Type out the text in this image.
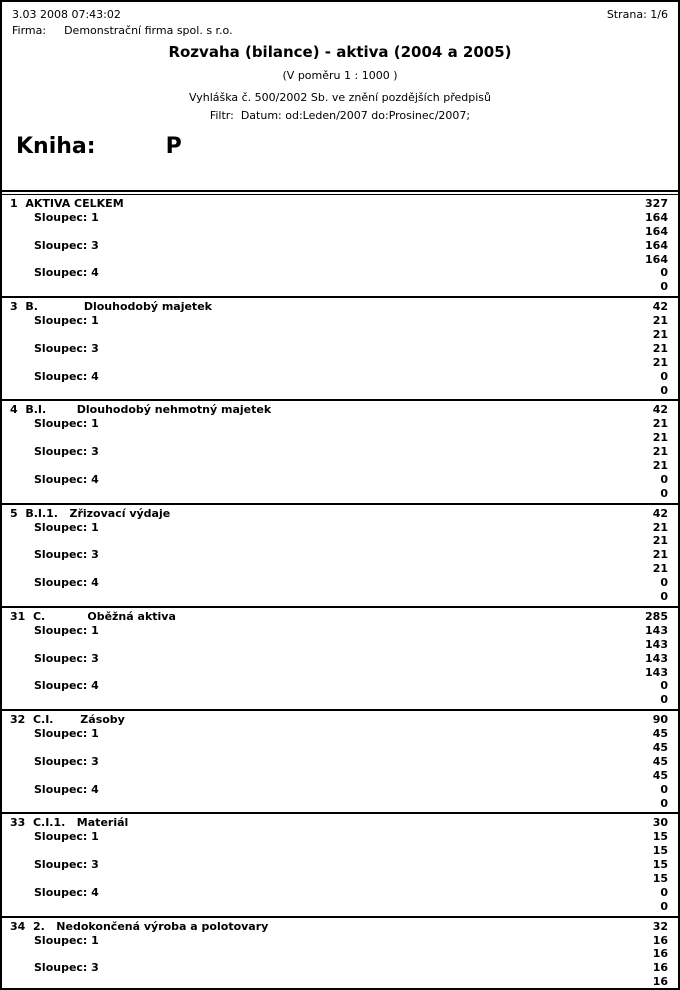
3.03 2008 07:43:02	Strana: 1/6
Firma: Demonstrační firma spol. s r.o.
Rozvaha (bilance) - aktiva (2004 a 2005)
(V poměru 1 : 1000 )
Vyhláška č. 500/2002 Sb. ve znění pozdějších předpisů
Filtr:  Datum: od:Leden/2007 do:Prosinec/2007;
Kniha:	P
1  AKTIVA CELKEM	327
Sloupec: 1	164
164
Sloupec: 3	164
164
Sloupec: 4	0
0
3  B.            Dlouhodobý majetek	42
Sloupec: 1	21
21
Sloupec: 3	21
21
Sloupec: 4	0
0
4  B.I.        Dlouhodobý nehmotný majetek	42
Sloupec: 1	21
21
Sloupec: 3	21
21
Sloupec: 4	0
0
5  B.I.1.   Zřizovací výdaje	42
Sloupec: 1	21
21
Sloupec: 3	21
21
Sloupec: 4	0
0
31  C.           Oběžná aktiva	285
Sloupec: 1	143
143
Sloupec: 3	143
143
Sloupec: 4	0
0
32  C.I.       Zásoby	90
Sloupec: 1	45
45
Sloupec: 3	45
45
Sloupec: 4	0
0
33  C.I.1.   Materiál	30
Sloupec: 1	15
15
Sloupec: 3	15
15
Sloupec: 4	0
0
34  2.   Nedokončená výroba a polotovary	32
Sloupec: 1	16
16
Sloupec: 3	16
16
